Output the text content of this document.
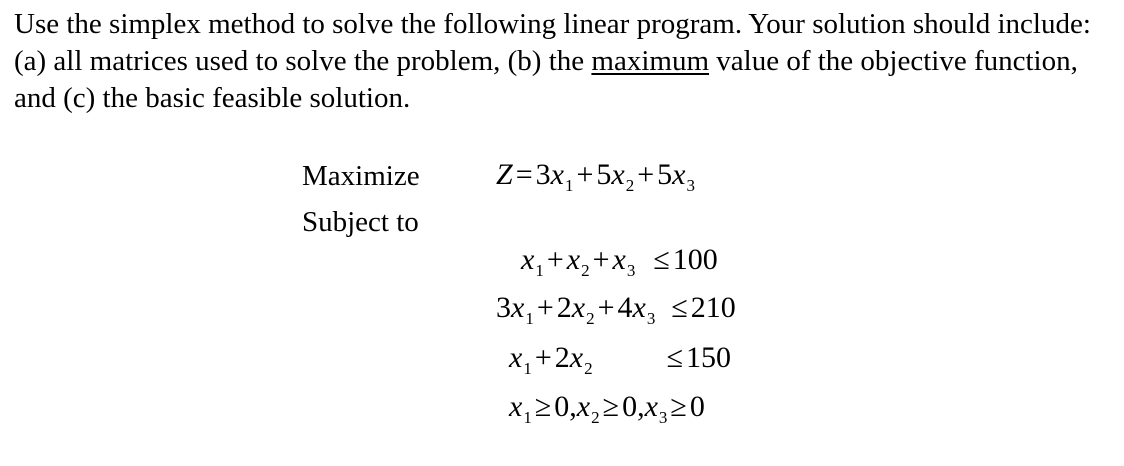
Use the simplex method to solve the following linear program. Your solution should include: (a) all matrices used to solve the problem, (b) the maximum value of the objective function, and (c) the basic feasible solution.
Maximize
Subject to
$Z = 3x_1 + 5x_2 + 5x_3$
$x_1 + x_2 + x_3 \le 100$
$3x_1 + 2x_2 + 4x_3 \le 210$
$x_1 + 2x_2 \le 150$
$x_1 \ge 0,x_2 \ge 0,x_3 \ge 0$
